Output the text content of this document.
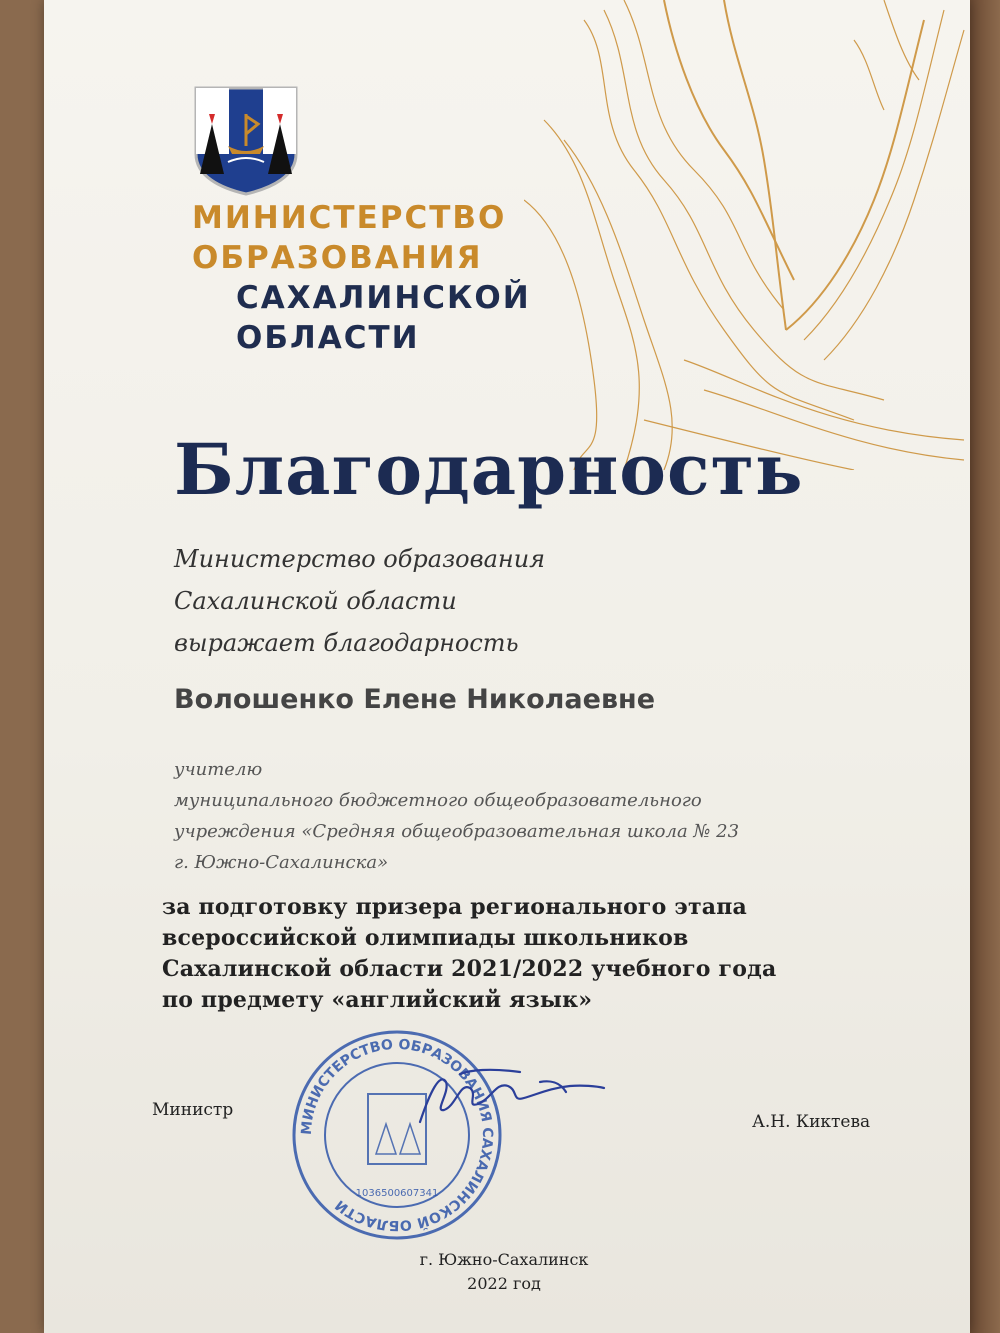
МИНИСТЕРСТВО
ОБРАЗОВАНИЯ
САХАЛИНСКОЙ
ОБЛАСТИ
Благодарность
Министерство образования
Сахалинской области
выражает благодарность
Волошенко Елене Николаевне
учителю
муниципального бюджетного общеобразовательного
учреждения «Средняя общеобразовательная школа № 23
г. Южно-Сахалинска»
за подготовку призера регионального этапа
всероссийской олимпиады школьников
Сахалинской области 2021/2022 учебного года
по предмету «английский язык»
Министр
А.Н. Киктева
МИНИСТЕРСТВО ОБРАЗОВАНИЯ САХАЛИНСКОЙ ОБЛАСТИ
1036500607341
г. Южно-Сахалинск
2022 год
